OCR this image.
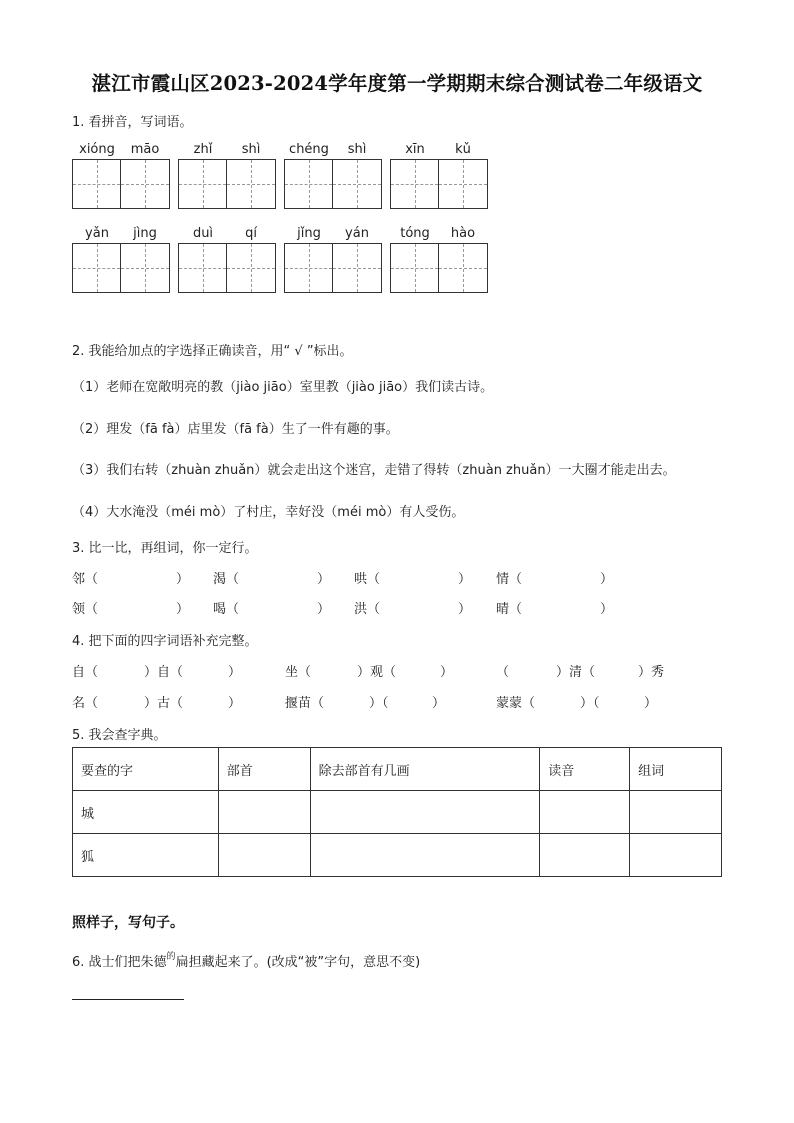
湛江市霞山区2023-2024学年度第一学期期末综合测试卷二年级语文
1. 看拼音，写词语。
xióng	māo	zhǐ	shì	chéng	shì	xīn	kǔ
yǎn	jìng	duì	qí	jǐng	yán	tóng	hào
2. 我能给加点的字选择正确读音，用“ √ ”标出。
（1）老师在宽敞明亮的教（jiào jiāo）室里教（jiào jiāo）我们读古诗。
（2）理发（fā fà）店里发（fā fà）生了一件有趣的事。
（3）我们右转（zhuàn zhuǎn）就会走出这个迷宫，走错了得转（zhuàn zhuǎn）一大圈才能走出去。
（4）大水淹没（méi mò）了村庄，幸好没（méi mò）有人受伤。
3. 比一比，再组词，你一定行。
邻（	） 渴（	） 哄（	） 情（	）
领（	） 喝（	） 洪（	） 晴（	）
4. 把下面的四字词语补充完整。
自（	）自（	）	坐（	）观（	）	（	）清（	）秀
名（	）古（	）	揠苗（	）（	）	蒙蒙（	）（	）
5. 我会查字典。
要查的字	部首	除去部首有几画	读音	组词
城				
狐				
照样子，写句子。
6. 战士们把朱德$^的$扁担藏起来了。(改成“被”字句，意思不变)
